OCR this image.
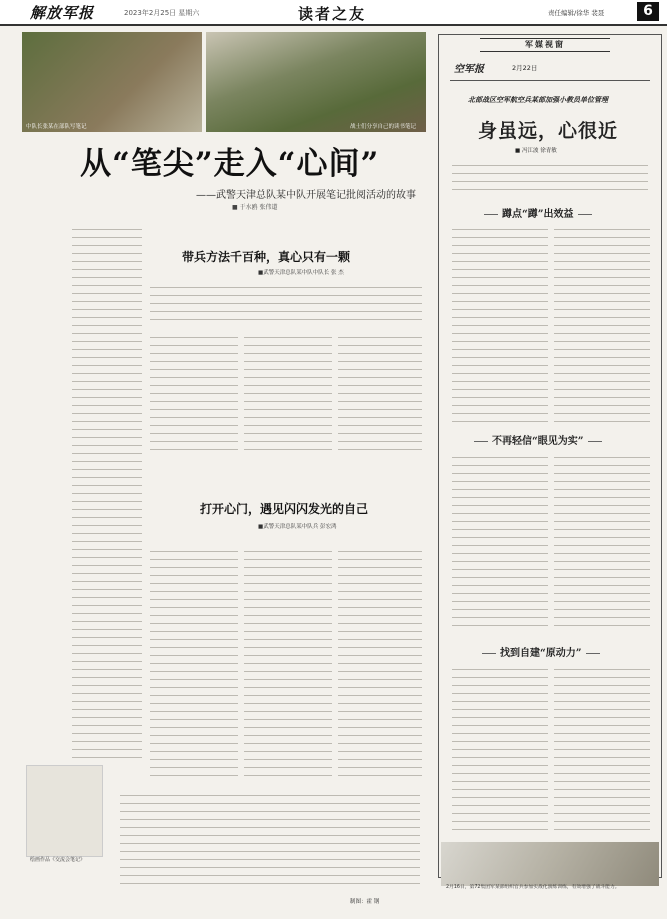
解放军报	2023年2月25日 星期六	读者之友	责任编辑/徐华 裴聂	6
中队长张某在部队写笔记	战士们分享自己的读书笔记
从“笔尖”走入“心间”
——武警天津总队某中队开展笔记批阅活动的故事
■ 于水鸥 张伟道
带兵方法千百种，真心只有一颗
■武警天津总队某中队中队长 张 杰
打开心门，遇见闪闪发光的自己
■武警天津总队某中队兵 彭宏鸿
绘画作品《交流会笔记》
制图：霍 钢
军媒视窗
空军报	2月22日
北部战区空军航空兵某部加强小教员单位管理
身虽远，心很近
■ 冯江波 徐青敏
蹲点“蹲”出效益
不再轻信“眼见为实”
找到自建“原动力”
2月16日，第72集团军某部组织官兵参加实战化演练训练，有效增强了战斗能力。
